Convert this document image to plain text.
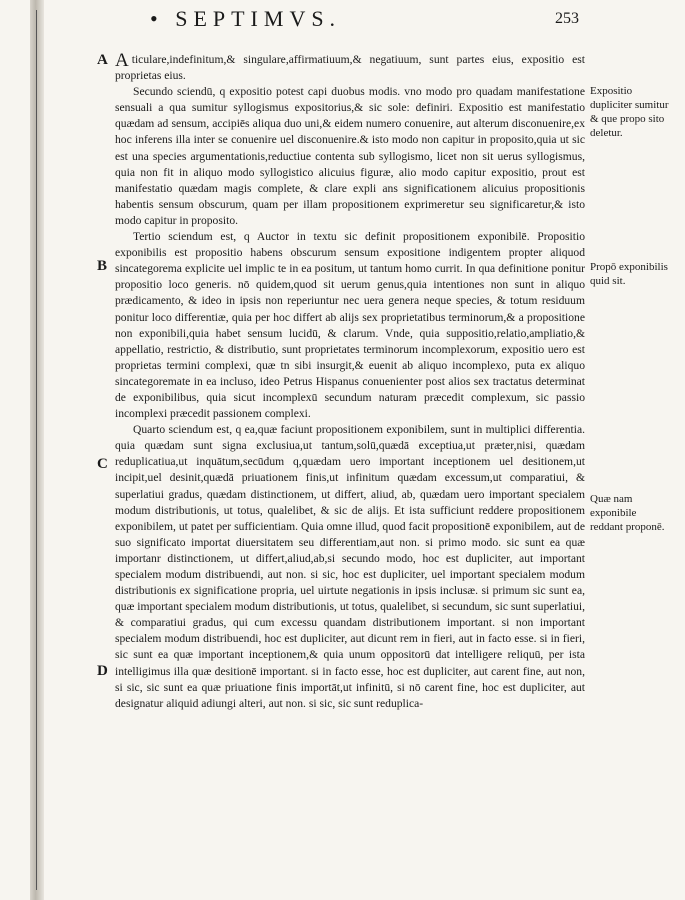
• SEPTIMVS.	253
A
B
C
D

Aticulare,indefinitum,& singulare,affirmatiuum,& negatiuum, sunt partes eius, expositio est proprietas eius.

Secundo sciendū, q expositio potest capi duobus modis. vno modo pro quadam manifestatione sensuali a qua sumitur syllogismus expositorius,& sic sole: definiri. Expositio est manifestatio quædam ad sensum, accipiēs aliqua duo uni,& eidem numero conuenire, aut alterum disconuenire,ex hoc inferens illa inter se conuenire uel disconuenire.& isto modo non capitur in proposito,quia ut sic est una species argumentationis,reductiue contenta sub syllogismo, licet non sit uerus syllogismus, quia non fit in aliquo modo syllogistico alicuius figuræ, alio modo capitur expositio, prout est manifestatio quædam magis complete, & clare expli ans significationem alicuius propositionis habentis sensum obscurum, quam per illam propositionem exprimeretur seu significaretur,& isto modo capitur in proposito.

Tertio sciendum est, q Auctor in textu sic definit propositionem exponibilē. Propositio exponibilis est propositio habens obscurum sensum expositione indigentem propter aliquod sincategorema explicite uel implic te in ea positum, ut tantum homo currit. In qua definitione ponitur propositio loco generis. nō quidem,quod sit uerum genus,quia intentiones non sunt in aliquo prædicamento, & ideo in ipsis non reperiuntur nec uera genera neque species, & totum residuum ponitur loco differentiæ, quia per hoc differt ab alijs sex proprietatibus terminorum,& a propositione non exponibili,quia habet sensum lucidū, & clarum. Vnde, quia suppositio,relatio,ampliatio,& appellatio, restrictio, & distributio, sunt proprietates terminorum incomplexorum, expositio uero est proprietas termini complexi, quæ tn sibi insurgit,& euenit ab aliquo incomplexo, puta ex aliquo sincategoremate in ea incluso, ideo Petrus Hispanus conuenienter post alios sex tractatus determinat de exponibilibus, quia sicut incomplexū secundum naturam præcedit complexum, sic passio incomplexi præcedit passionem complexi.

Quarto sciendum est, q ea,quæ faciunt propositionem exponibilem, sunt in multiplici differentia. quia quædam sunt signa exclusiua,ut tantum,solū,quædā exceptiua,ut præter,nisi, quædam reduplicatiua,ut inquātum,secūdum q,quædam uero important inceptionem uel desitionem,ut incipit,uel desinit,quædā priuationem finis,ut infinitum quædam excessum,ut comparatiui, & superlatiui gradus, quædam distinctionem, ut differt, aliud, ab, quædam uero important specialem modum distributionis, ut totus, qualelibet, & sic de alijs. Et ista sufficiunt reddere propositionem exponibilem, ut patet per sufficientiam. Quia omne illud, quod facit propositionē exponibilem, aut de suo significato importat diuersitatem seu differentiam,aut non. si primo modo. sic sunt ea quæ importanr distinctionem, ut differt,aliud,ab,si secundo modo, hoc est dupliciter, aut important specialem modum distribuendi, aut non. si sic, hoc est dupliciter, uel important specialem modum distributionis ex significatione propria, uel uirtute negationis in ipsis inclusæ. si primum sic sunt ea, quæ important specialem modum distributionis, ut totus, qualelibet, si secundum, sic sunt superlatiui, & comparatiui gradus, qui cum excessu quandam distributionem important. si non important specialem modum distribuendi, hoc est dupliciter, aut dicunt rem in fieri, aut in facto esse. si in fieri, sic sunt ea quæ important inceptionem,& quia unum oppositorū dat intelligere reliquū, per ista intelligimus illa quæ desitionē important. si in facto esse, hoc est dupliciter, aut carent fine, aut non, si sic, sic sunt ea quæ priuatione finis importāt,ut infinitū, si nō carent fine, hoc est dupliciter, aut designatur aliquid adiungi alteri, aut non. si sic, sic sunt reduplica-

Expositio dupliciter sumitur & que propo sito deletur.
Propō exponibilis quid sit.
Quæ nam exponibile reddant proponē.
